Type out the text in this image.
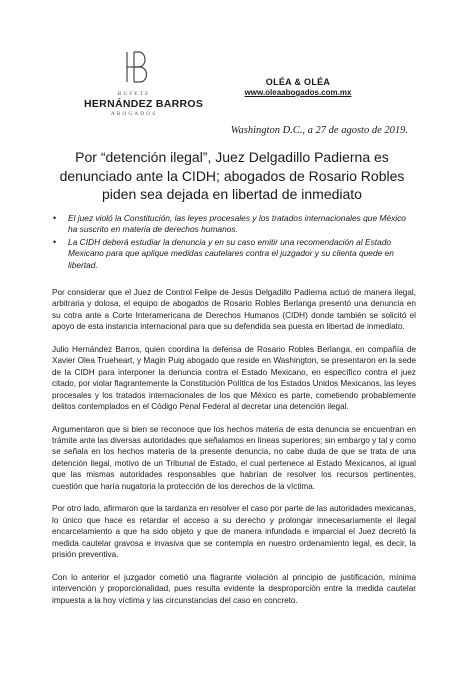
BUFETE
HERNÁNDEZ BARROS
ABOGADOS
OLÉA & OLÉA
www.oleaabogados.com.mx
Washington D.C., a 27 de agosto de 2019.
Por “detención ilegal”, Juez Delgadillo Padierna es denunciado ante la CIDH; abogados de Rosario Robles piden sea dejada en libertad de inmediato
• El juez violó la Constitución, las leyes procesales y los tratados internacionales que México ha suscrito en materia de derechos humanos.
• La CIDH deberá estudiar la denuncia y en su caso emitir una recomendación al Estado Mexicano para que aplique medidas cautelares contra el juzgador y su clienta quede en libertad.

Por considerar que el Juez de Control Felipe de Jesús Delgadillo Padierna actuó de manera ilegal, arbitraria y dolosa, el equipo de abogados de Rosario Robles Berlanga presentó una denuncia en su cotra ante a Corte Interamericana de Derechos Humanos (CIDH) donde también se solicitó el apoyo de esta instancia internacional para que su defendida sea puesta en libertad de inmediato.

Julio Hernández Barros, quien coordina la defensa de Rosario Robles Berlanga, en compañía de Xavier Olea Trueheart, y Magin Puig abogado que reside en Washington, se presentaron en la sede de la CIDH para interponer la denuncia contra el Estado Mexicano, en específico contra el juez citado, por violar flagrantemente la Constitución Política de los Estados Unidos Mexicanos, las leyes procesales y los tratados internacionales de los que México es parte, cometiendo probablemente delitos contemplados en el Código Penal Federal al decretar una detención ilegal.

Argumentaron que si bien se reconoce que los hechos materia de esta denuncia se encuentran en trámite ante las diversas autoridades que señalamos en líneas superiores; sin embargo y tal y como se señala en los hechos materia de la presente denuncia, no cabe duda de que se trata de una detención ilegal, motivo de un Tribunal de Estado, el cual pertenece al Estado Mexicanos, al igual que las mismas autoridades responsables que habrían de resolver los recursos pertinentes, cuestión que haría nugatoria la protección de los derechos de la víctima.

Por otro lado, afirmaron que la tardanza en resolver el caso por parte de las autoridades mexicanas, lo único que hace es retardar el acceso a su derecho y prolongar innecesariamente el ilegal encarcelamiento a que ha sido objeto y que de manera infundada e imparcial el Juez decretó la medida cautelar gravosa e invasiva que se contempla en nuestro ordenamiento legal, es decir, la prisión preventiva.

Con lo anterior el juzgador cometió una flagrante violación al principio de justificación, mínima intervención y proporcionalidad, pues resulta evidente la desproporción entre la medida cautelar impuesta a la hoy víctima y las circunstancias del caso en concreto.
